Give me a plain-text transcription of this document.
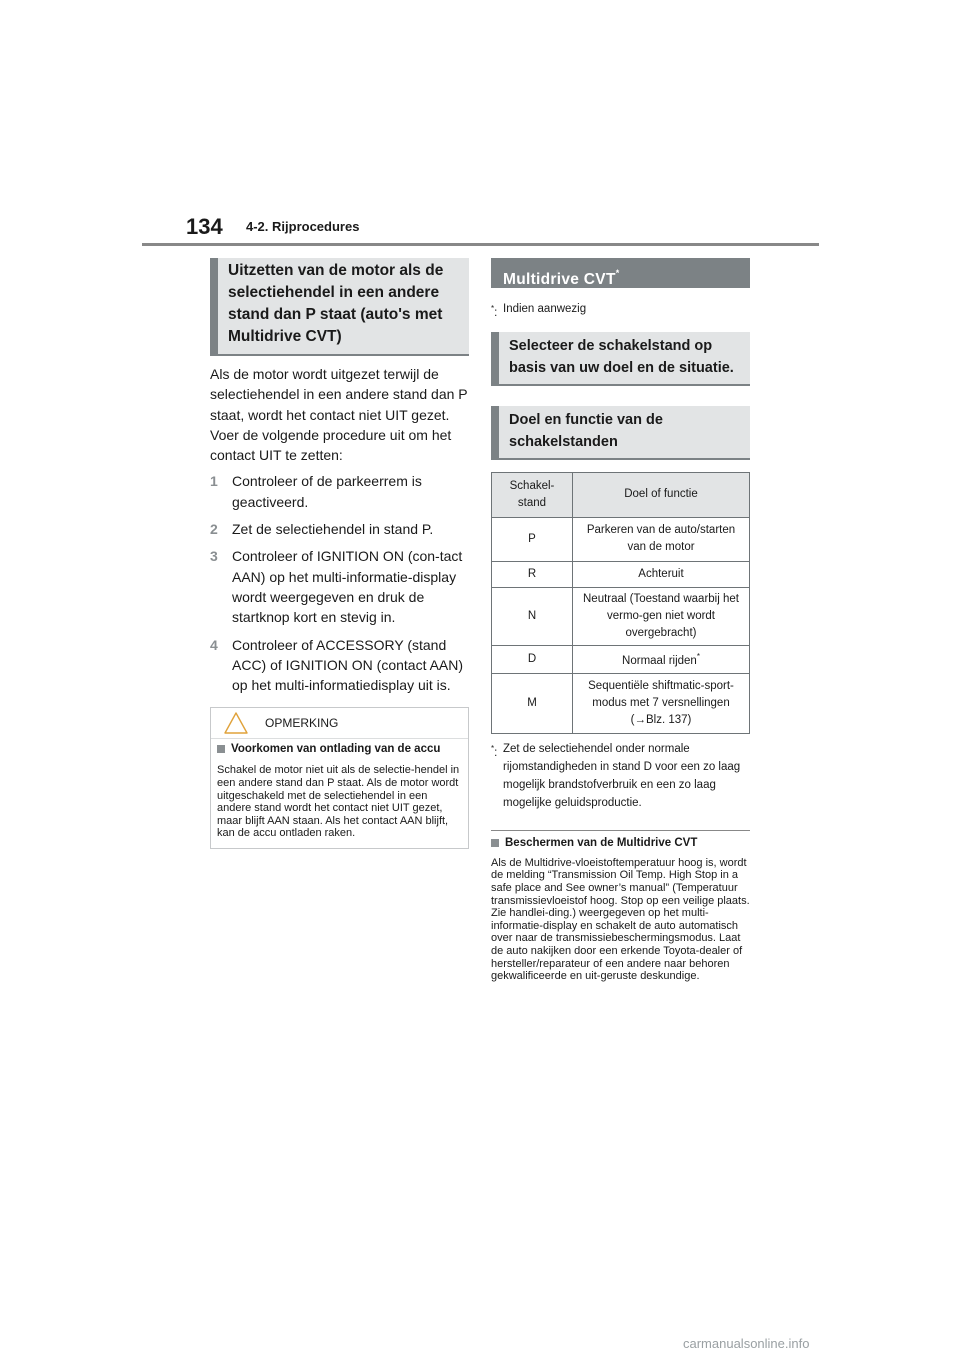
134 4-2. Rijprocedures
Uitzetten van de motor als de selectiehendel in een andere stand dan P staat (auto's met Multidrive CVT)
Als de motor wordt uitgezet terwijl de selectiehendel in een andere stand dan P staat, wordt het contact niet UIT gezet. Voer de volgende procedure uit om het contact UIT te zetten:
1	Controleer of de parkeerrem is geactiveerd.
2	Zet de selectiehendel in stand P.
3	Controleer of IGNITION ON (con-tact AAN) op het multi-informatie-display wordt weergegeven en druk de startknop kort en stevig in.
4	Controleer of ACCESSORY (stand ACC) of IGNITION ON (contact AAN) op het multi-informatiedisplay uit is.
OPMERKING
Voorkomen van ontlading van de accu
Schakel de motor niet uit als de selectie-hendel in een andere stand dan P staat. Als de motor wordt uitgeschakeld met de selectiehendel in een andere stand wordt het contact niet UIT gezet, maar blijft AAN staan. Als het contact AAN blijft, kan de accu ontladen raken.
Multidrive CVT*
*: Indien aanwezig
Selecteer de schakelstand op basis van uw doel en de situatie.
Doel en functie van de schakelstanden
Schakel-stand	Doel of functie
P	Parkeren van de auto/starten van de motor
R	Achteruit
N	Neutraal (Toestand waarbij het vermo-gen niet wordt overgebracht)
D	Normaal rijden*
M	Sequentiële shiftmatic-sport-modus met 7 versnellingen (→Blz. 137)
*: Zet de selectiehendel onder normale rijomstandigheden in stand D voor een zo laag mogelijk brandstofverbruik en een zo laag mogelijke geluidsproductie.
Beschermen van de Multidrive CVT
Als de Multidrive-vloeistoftemperatuur hoog is, wordt de melding “Transmission Oil Temp. High Stop in a safe place and See owner’s manual” (Temperatuur transmissievloeistof hoog. Stop op een veilige plaats. Zie handlei-ding.) weergegeven op het multi-informatie-display en schakelt de auto automatisch over naar de transmissiebeschermingsmodus. Laat de auto nakijken door een erkende Toyota-dealer of hersteller/reparateur of een andere naar behoren gekwalificeerde en uit-geruste deskundige.
carmanualsonline.info
